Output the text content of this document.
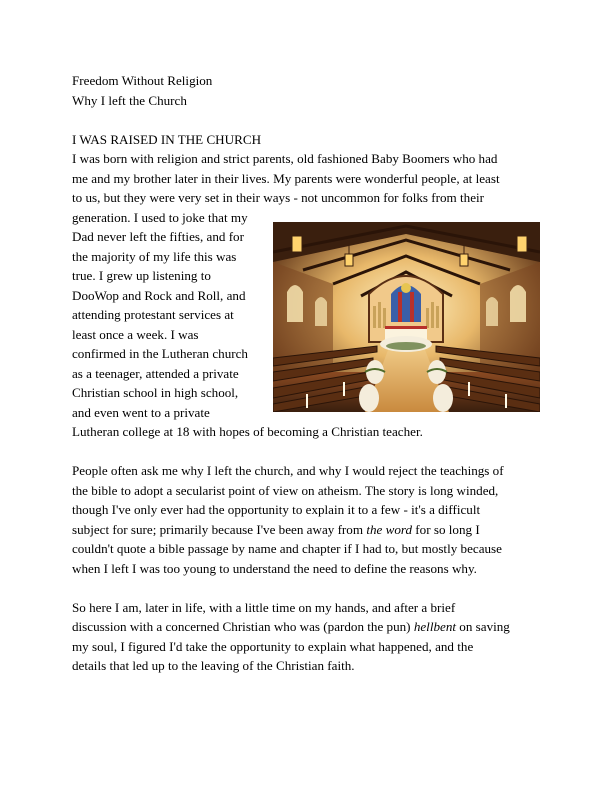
Freedom Without Religion
Why I left the Church
I WAS RAISED IN THE CHURCH
I was born with religion and strict parents, old fashioned Baby Boomers who had
me and my brother later in their lives. My parents were wonderful people, at least
to us, but they were very set in their ways - not uncommon for folks from their
generation. I used to joke that my
Dad never left the fifties, and for
the majority of my life this was
true. I grew up listening to
DooWop and Rock and Roll, and
attending protestant services at
least once a week. I was
confirmed in the Lutheran church
as a teenager, attended a private
Christian school in high school,
and even went to a private
Lutheran college at 18 with hopes of becoming a Christian teacher.
People often ask me why I left the church, and why I would reject the teachings of
the bible to adopt a secularist point of view on atheism. The story is long winded,
though I've only ever had the opportunity to explain it to a few - it's a difficult
subject for sure; primarily because I've been away from the word for so long I
couldn't quote a bible passage by name and chapter if I had to, but mostly because
when I left I was too young to understand the need to define the reasons why.
So here I am, later in life, with a little time on my hands, and after a brief
discussion with a concerned Christian who was (pardon the pun) hellbent on saving
my soul, I figured I'd take the opportunity to explain what happened, and the
details that led up to the leaving of the Christian faith.
